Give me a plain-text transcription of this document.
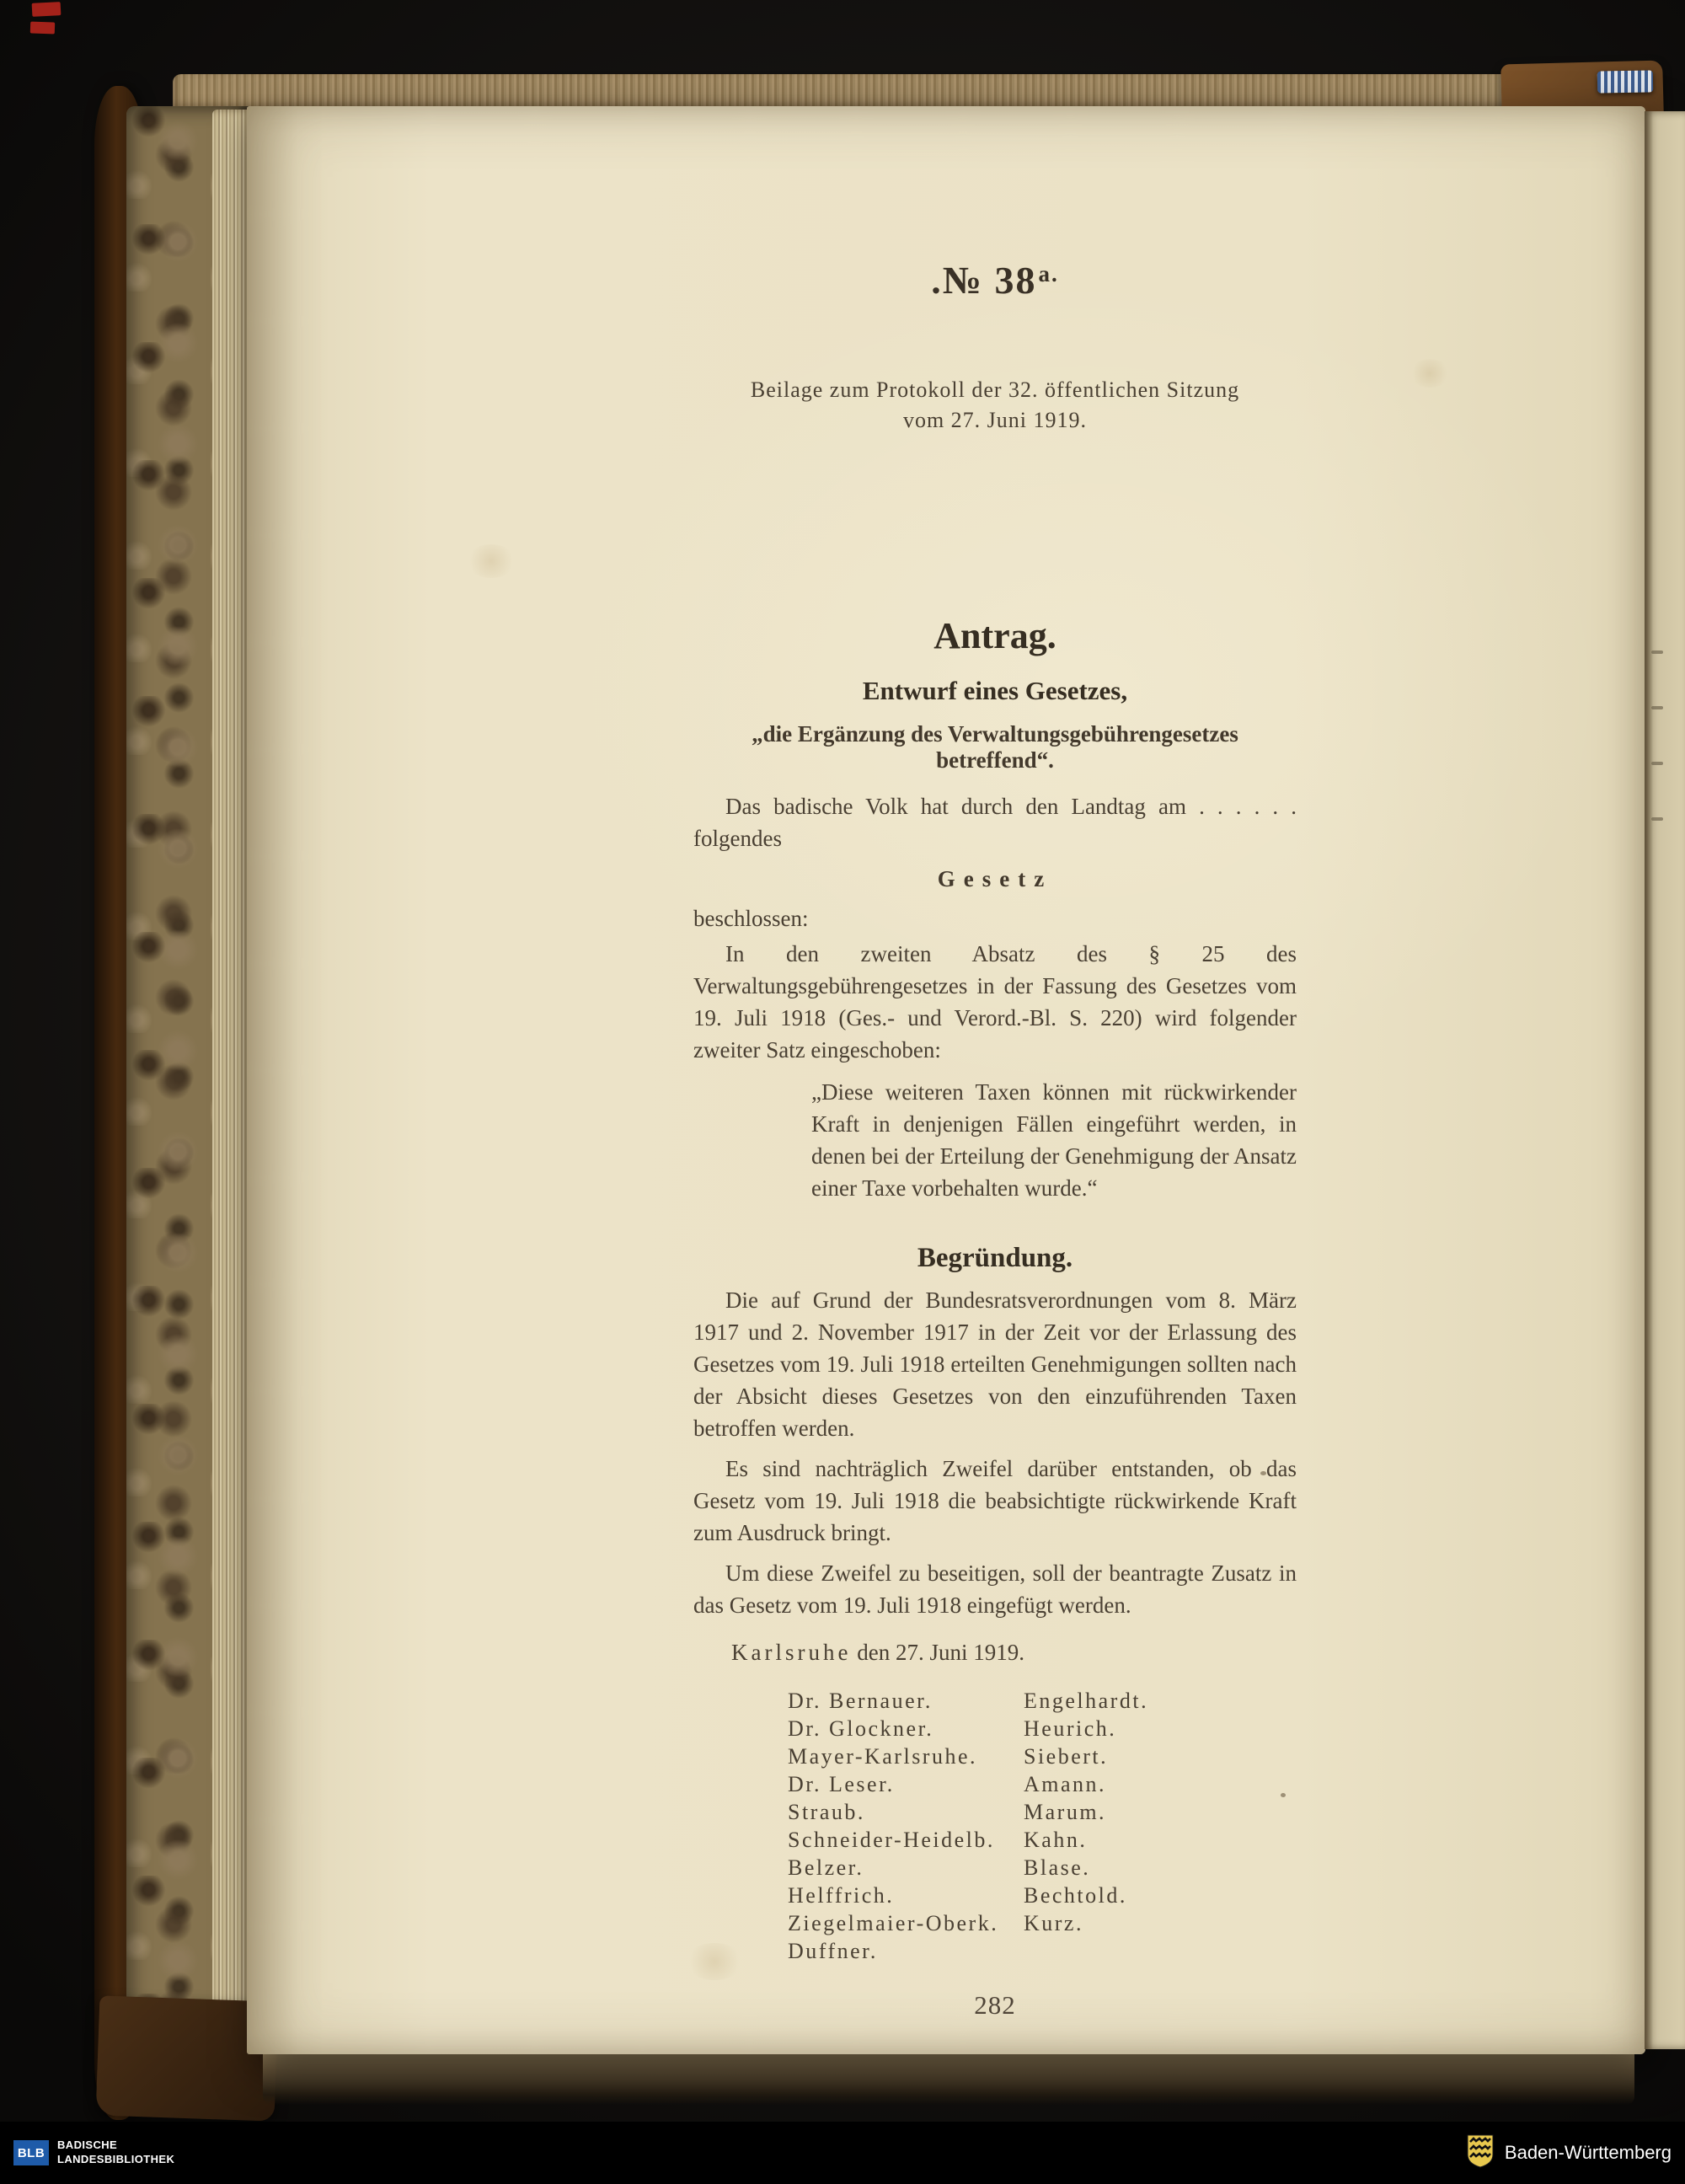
.№ $38^{a.}$
Beilage zum Protokoll der 32. öffentlichen Sitzung
vom 27. Juni 1919.
Antrag.
Entwurf eines Gesetzes,
„die Ergänzung des Verwaltungsgebührengesetzes betreffend“.

Das badische Volk hat durch den Landtag am . . . . . . folgendes

Gesetz
beschlossen:

In den zweiten Absatz des § 25 des Verwaltungsgebührengesetzes in der Fassung des Gesetzes vom 19. Juli 1918 (Ges.- und Verord.-Bl. S. 220) wird folgender zweiter Satz eingeschoben:

„Diese weiteren Taxen können mit rückwirkender Kraft in denjenigen Fällen eingeführt werden, in denen bei der Erteilung der Genehmigung der Ansatz einer Taxe vorbehalten wurde.“

Begründung.

Die auf Grund der Bundesratsverordnungen vom 8. März 1917 und 2. November 1917 in der Zeit vor der Erlassung des Gesetzes vom 19. Juli 1918 erteilten Genehmigungen sollten nach der Absicht dieses Gesetzes von den einzuführenden Taxen betroffen werden.

Es sind nachträglich Zweifel darüber entstanden, ob das Gesetz vom 19. Juli 1918 die beabsichtigte rückwirkende Kraft zum Ausdruck bringt.

Um diese Zweifel zu beseitigen, soll der beantragte Zusatz in das Gesetz vom 19. Juli 1918 eingefügt werden.

Karlsruhe den 27. Juni 1919.
Dr. Bernauer.
Dr. Glockner.
Mayer-Karlsruhe.
Dr. Leser.
Straub.
Schneider-Heidelb.
Belzer.
Helffrich.
Ziegelmaier-Oberk.
Duffner.
Engelhardt.
Heurich.
Siebert.
Amann.
Marum.
Kahn.
Blase.
Bechtold.
Kurz.
282
BLB
BADISCHE
LANDESBIBLIOTHEK	Baden-Württemberg
